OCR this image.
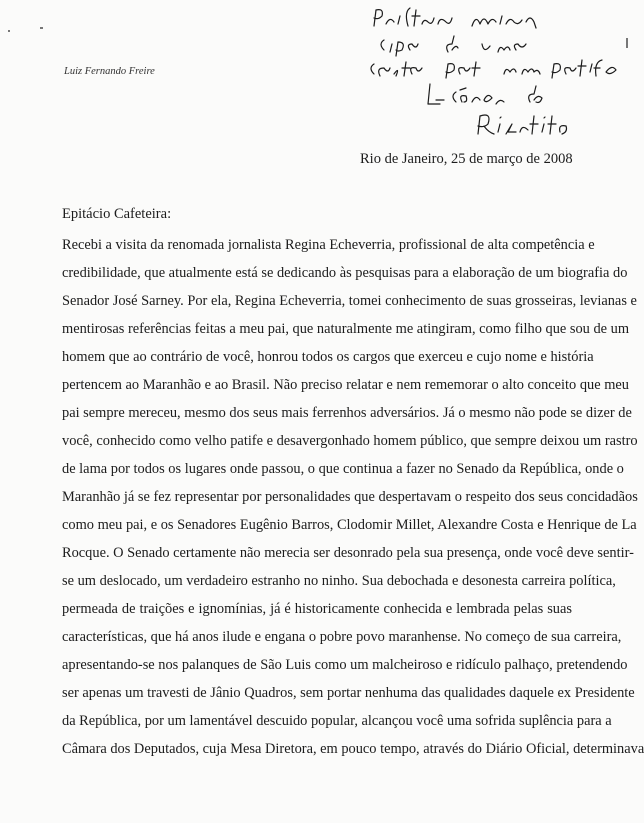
Luiz Fernando Freire
Rio de Janeiro, 25 de março de 2008
Epitácio Cafeteira:
Recebi a visita da renomada jornalista Regina Echeverria, profissional de alta competência e
credibilidade, que atualmente está se dedicando às pesquisas para a elaboração de um biografia do
Senador José Sarney. Por ela, Regina Echeverria, tomei conhecimento de suas grosseiras, levianas e
mentirosas referências feitas a meu pai, que naturalmente me atingiram, como filho que sou de um
homem que ao contrário de você, honrou todos os cargos que exerceu e cujo nome e história
pertencem ao Maranhão e ao Brasil. Não preciso relatar e nem rememorar o alto conceito que meu
pai sempre mereceu, mesmo dos seus mais ferrenhos adversários. Já o mesmo não pode se dizer de
você, conhecido como velho patife e desavergonhado homem público, que sempre deixou um rastro
de lama por todos os lugares onde passou, o que continua a fazer no Senado da República, onde o
Maranhão já se fez representar por personalidades que despertavam o respeito dos seus concidadãos
como meu pai, e os Senadores Eugênio Barros, Clodomir Millet, Alexandre Costa e Henrique de La
Rocque. O Senado certamente não merecia ser desonrado pela sua presença, onde você deve sentir-
se um deslocado, um verdadeiro estranho no ninho. Sua debochada e desonesta carreira política,
permeada de traições e ignomínias, já é historicamente conhecida e lembrada pelas suas
características, que há anos ilude e engana o pobre povo maranhense. No começo de sua carreira,
apresentando-se nos palanques de São Luis como um malcheiroso e ridículo palhaço, pretendendo
ser apenas um travesti de Jânio Quadros, sem portar nenhuma das qualidades daquele ex Presidente
da República, por um lamentável descuido popular, alcançou você uma sofrida suplência para a
Câmara dos Deputados, cuja Mesa Diretora, em pouco tempo, através do Diário Oficial, determinava
